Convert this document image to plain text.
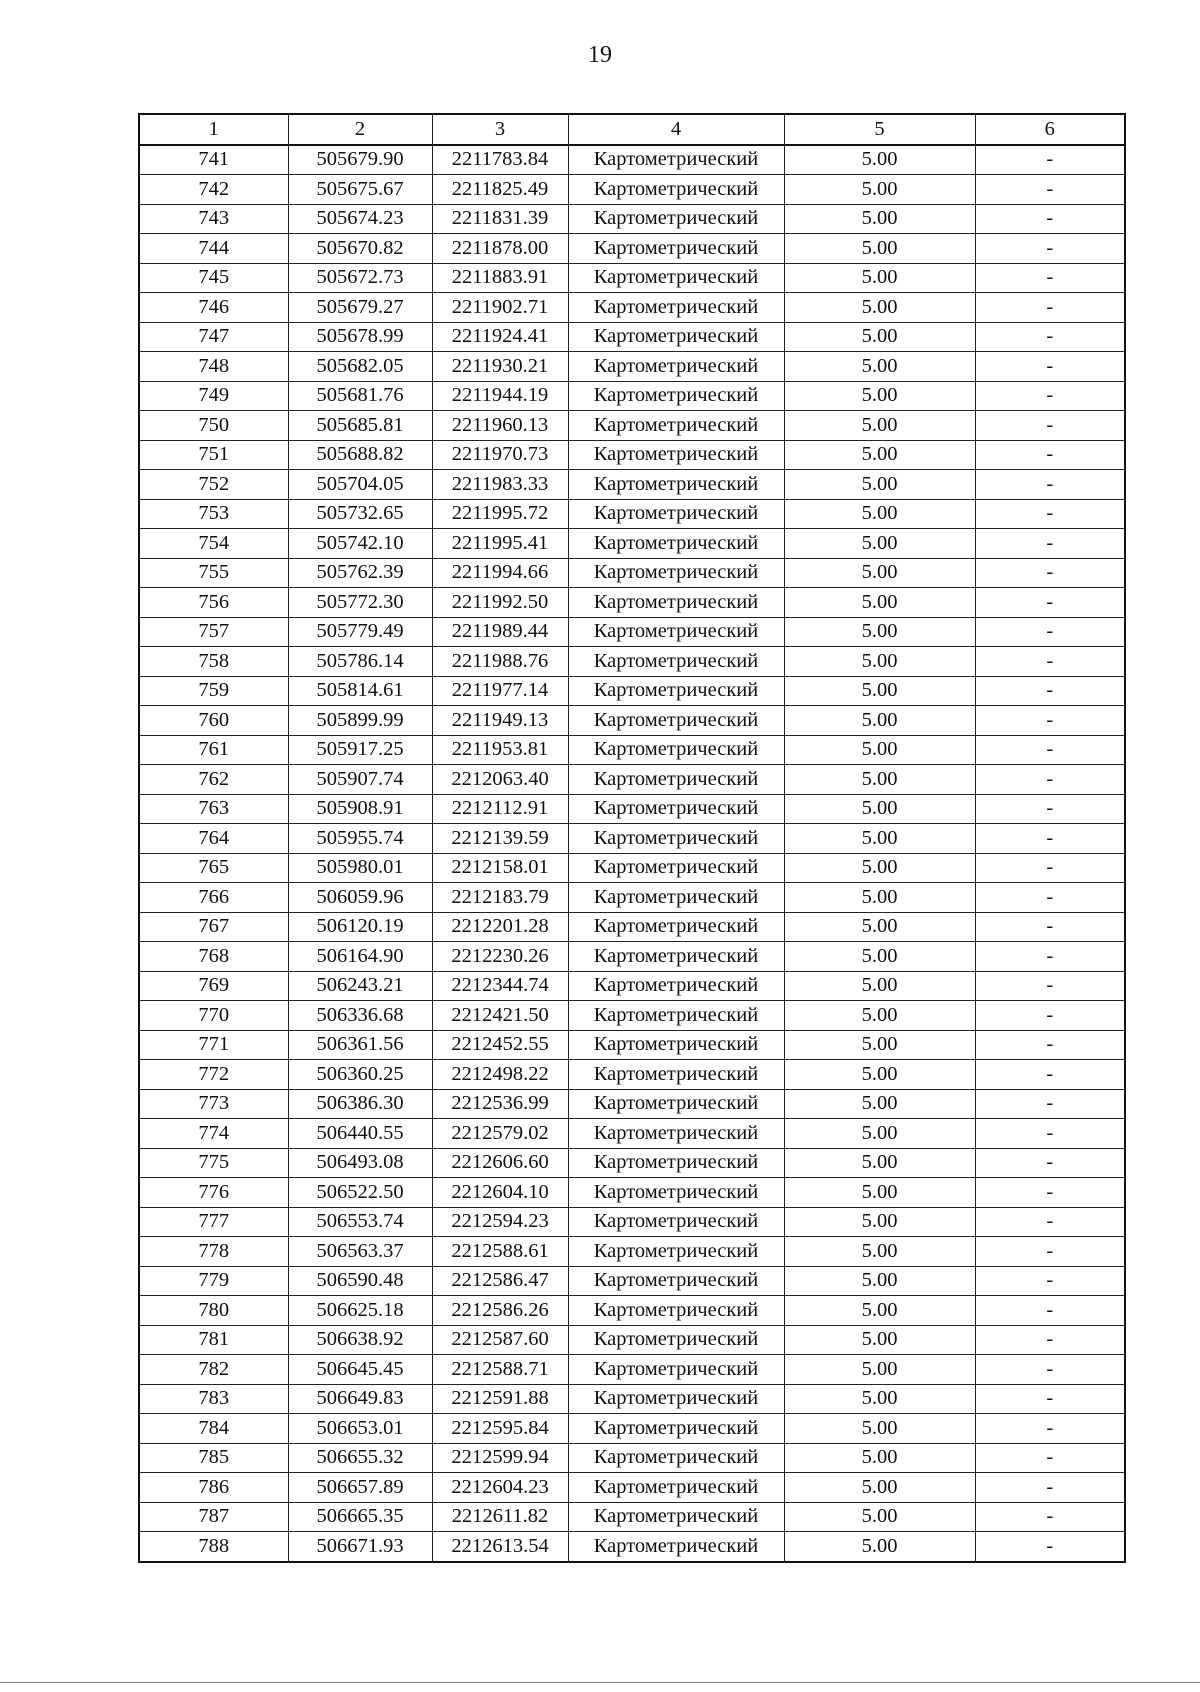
19
1	2	3	4	5	6
741	505679.90	2211783.84	Картометрический	5.00	-
742	505675.67	2211825.49	Картометрический	5.00	-
743	505674.23	2211831.39	Картометрический	5.00	-
744	505670.82	2211878.00	Картометрический	5.00	-
745	505672.73	2211883.91	Картометрический	5.00	-
746	505679.27	2211902.71	Картометрический	5.00	-
747	505678.99	2211924.41	Картометрический	5.00	-
748	505682.05	2211930.21	Картометрический	5.00	-
749	505681.76	2211944.19	Картометрический	5.00	-
750	505685.81	2211960.13	Картометрический	5.00	-
751	505688.82	2211970.73	Картометрический	5.00	-
752	505704.05	2211983.33	Картометрический	5.00	-
753	505732.65	2211995.72	Картометрический	5.00	-
754	505742.10	2211995.41	Картометрический	5.00	-
755	505762.39	2211994.66	Картометрический	5.00	-
756	505772.30	2211992.50	Картометрический	5.00	-
757	505779.49	2211989.44	Картометрический	5.00	-
758	505786.14	2211988.76	Картометрический	5.00	-
759	505814.61	2211977.14	Картометрический	5.00	-
760	505899.99	2211949.13	Картометрический	5.00	-
761	505917.25	2211953.81	Картометрический	5.00	-
762	505907.74	2212063.40	Картометрический	5.00	-
763	505908.91	2212112.91	Картометрический	5.00	-
764	505955.74	2212139.59	Картометрический	5.00	-
765	505980.01	2212158.01	Картометрический	5.00	-
766	506059.96	2212183.79	Картометрический	5.00	-
767	506120.19	2212201.28	Картометрический	5.00	-
768	506164.90	2212230.26	Картометрический	5.00	-
769	506243.21	2212344.74	Картометрический	5.00	-
770	506336.68	2212421.50	Картометрический	5.00	-
771	506361.56	2212452.55	Картометрический	5.00	-
772	506360.25	2212498.22	Картометрический	5.00	-
773	506386.30	2212536.99	Картометрический	5.00	-
774	506440.55	2212579.02	Картометрический	5.00	-
775	506493.08	2212606.60	Картометрический	5.00	-
776	506522.50	2212604.10	Картометрический	5.00	-
777	506553.74	2212594.23	Картометрический	5.00	-
778	506563.37	2212588.61	Картометрический	5.00	-
779	506590.48	2212586.47	Картометрический	5.00	-
780	506625.18	2212586.26	Картометрический	5.00	-
781	506638.92	2212587.60	Картометрический	5.00	-
782	506645.45	2212588.71	Картометрический	5.00	-
783	506649.83	2212591.88	Картометрический	5.00	-
784	506653.01	2212595.84	Картометрический	5.00	-
785	506655.32	2212599.94	Картометрический	5.00	-
786	506657.89	2212604.23	Картометрический	5.00	-
787	506665.35	2212611.82	Картометрический	5.00	-
788	506671.93	2212613.54	Картометрический	5.00	-
